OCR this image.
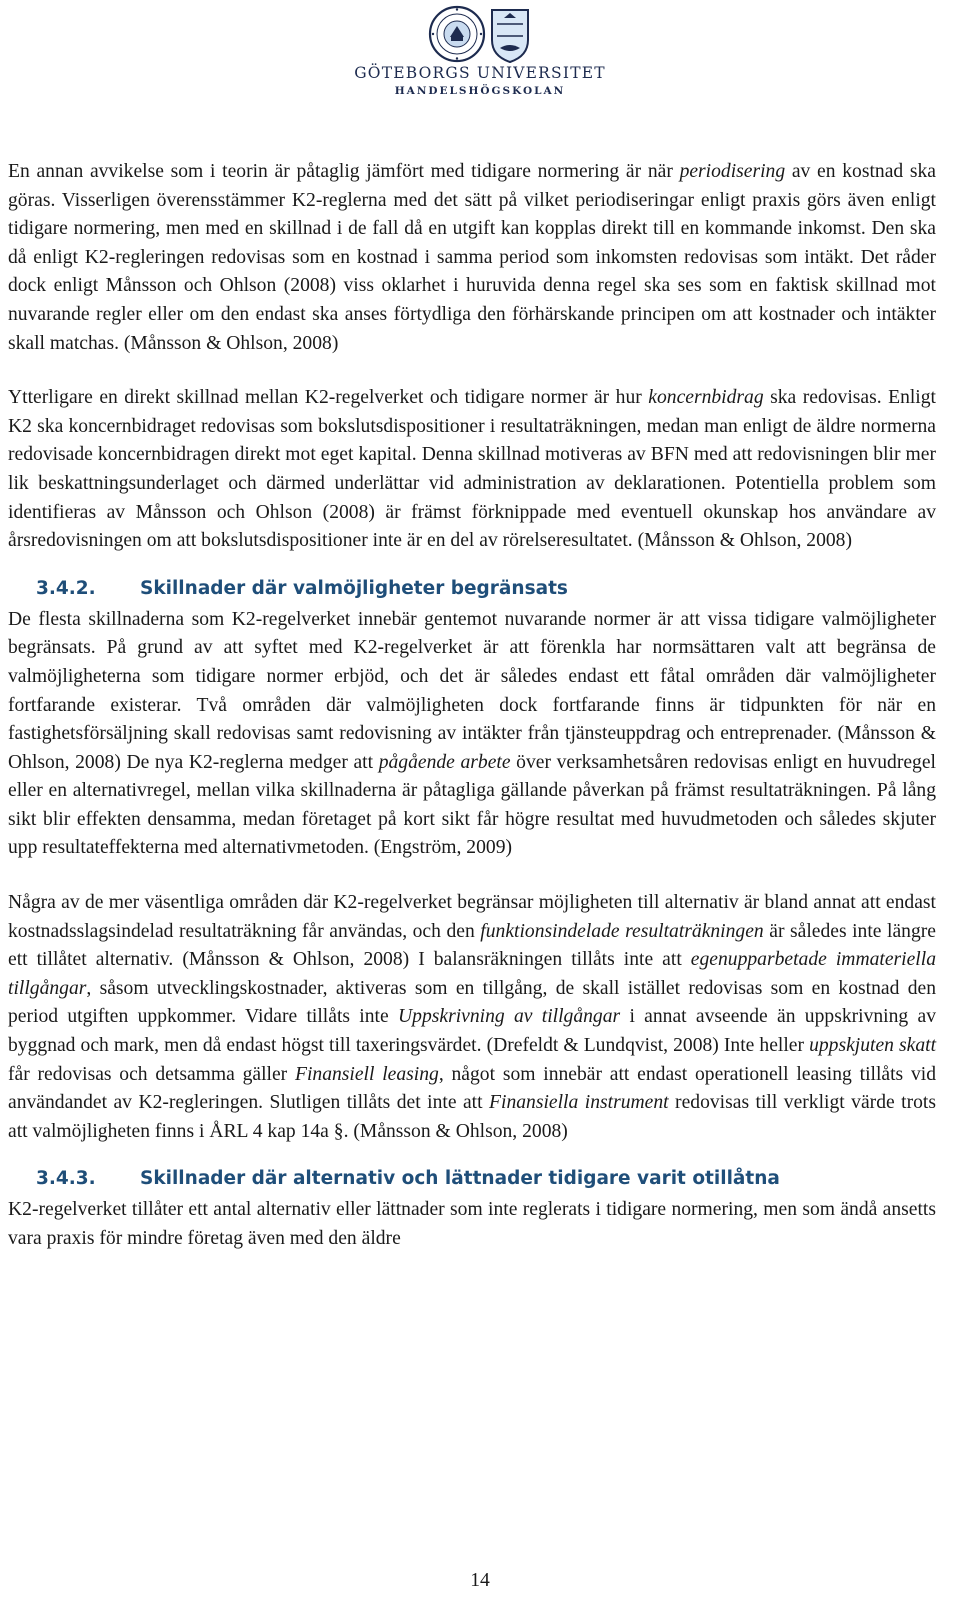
GÖTEBORGS UNIVERSITET
HANDELSHÖGSKOLAN

En annan avvikelse som i teorin är påtaglig jämfört med tidigare normering är när periodisering av en kostnad ska göras. Visserligen överensstämmer K2-reglerna med det sätt på vilket periodiseringar enligt praxis görs även enligt tidigare normering, men med en skillnad i de fall då en utgift kan kopplas direkt till en kommande inkomst. Den ska då enligt K2-regleringen redovisas som en kostnad i samma period som inkomsten redovisas som intäkt. Det råder dock enligt Månsson och Ohlson (2008) viss oklarhet i huruvida denna regel ska ses som en faktisk skillnad mot nuvarande regler eller om den endast ska anses förtydliga den förhärskande principen om att kostnader och intäkter skall matchas. (Månsson & Ohlson, 2008)

Ytterligare en direkt skillnad mellan K2-regelverket och tidigare normer är hur koncernbidrag ska redovisas. Enligt K2 ska koncernbidraget redovisas som bokslutsdispositioner i resultaträkningen, medan man enligt de äldre normerna redovisade koncernbidragen direkt mot eget kapital. Denna skillnad motiveras av BFN med att redovisningen blir mer lik beskattningsunderlaget och därmed underlättar vid administration av deklarationen. Potentiella problem som identifieras av Månsson och Ohlson (2008) är främst förknippade med eventuell okunskap hos användare av årsredovisningen om att bokslutsdispositioner inte är en del av rörelseresultatet. (Månsson & Ohlson, 2008)

3.4.2. Skillnader där valmöjligheter begränsats

De flesta skillnaderna som K2-regelverket innebär gentemot nuvarande normer är att vissa tidigare valmöjligheter begränsats. På grund av att syftet med K2-regelverket är att förenkla har normsättaren valt att begränsa de valmöjligheterna som tidigare normer erbjöd, och det är således endast ett fåtal områden där valmöjligheter fortfarande existerar. Två områden där valmöjligheten dock fortfarande finns är tidpunkten för när en fastighetsförsäljning skall redovisas samt redovisning av intäkter från tjänsteuppdrag och entreprenader. (Månsson & Ohlson, 2008) De nya K2-reglerna medger att pågående arbete över verksamhetsåren redovisas enligt en huvudregel eller en alternativregel, mellan vilka skillnaderna är påtagliga gällande påverkan på främst resultaträkningen. På lång sikt blir effekten densamma, medan företaget på kort sikt får högre resultat med huvudmetoden och således skjuter upp resultateffekterna med alternativmetoden. (Engström, 2009)

Några av de mer väsentliga områden där K2-regelverket begränsar möjligheten till alternativ är bland annat att endast kostnadsslagsindelad resultaträkning får användas, och den funktionsindelade resultaträkningen är således inte längre ett tillåtet alternativ. (Månsson & Ohlson, 2008) I balansräkningen tillåts inte att egenupparbetade immateriella tillgångar, såsom utvecklingskostnader, aktiveras som en tillgång, de skall istället redovisas som en kostnad den period utgiften uppkommer. Vidare tillåts inte Uppskrivning av tillgångar i annat avseende än uppskrivning av byggnad och mark, men då endast högst till taxeringsvärdet. (Drefeldt & Lundqvist, 2008) Inte heller uppskjuten skatt får redovisas och detsamma gäller Finansiell leasing, något som innebär att endast operationell leasing tillåts vid användandet av K2-regleringen. Slutligen tillåts det inte att Finansiella instrument redovisas till verkligt värde trots att valmöjligheten finns i ÅRL 4 kap 14a §. (Månsson & Ohlson, 2008)

3.4.3. Skillnader där alternativ och lättnader tidigare varit otillåtna

K2-regelverket tillåter ett antal alternativ eller lättnader som inte reglerats i tidigare normering, men som ändå ansetts vara praxis för mindre företag även med den äldre

14
